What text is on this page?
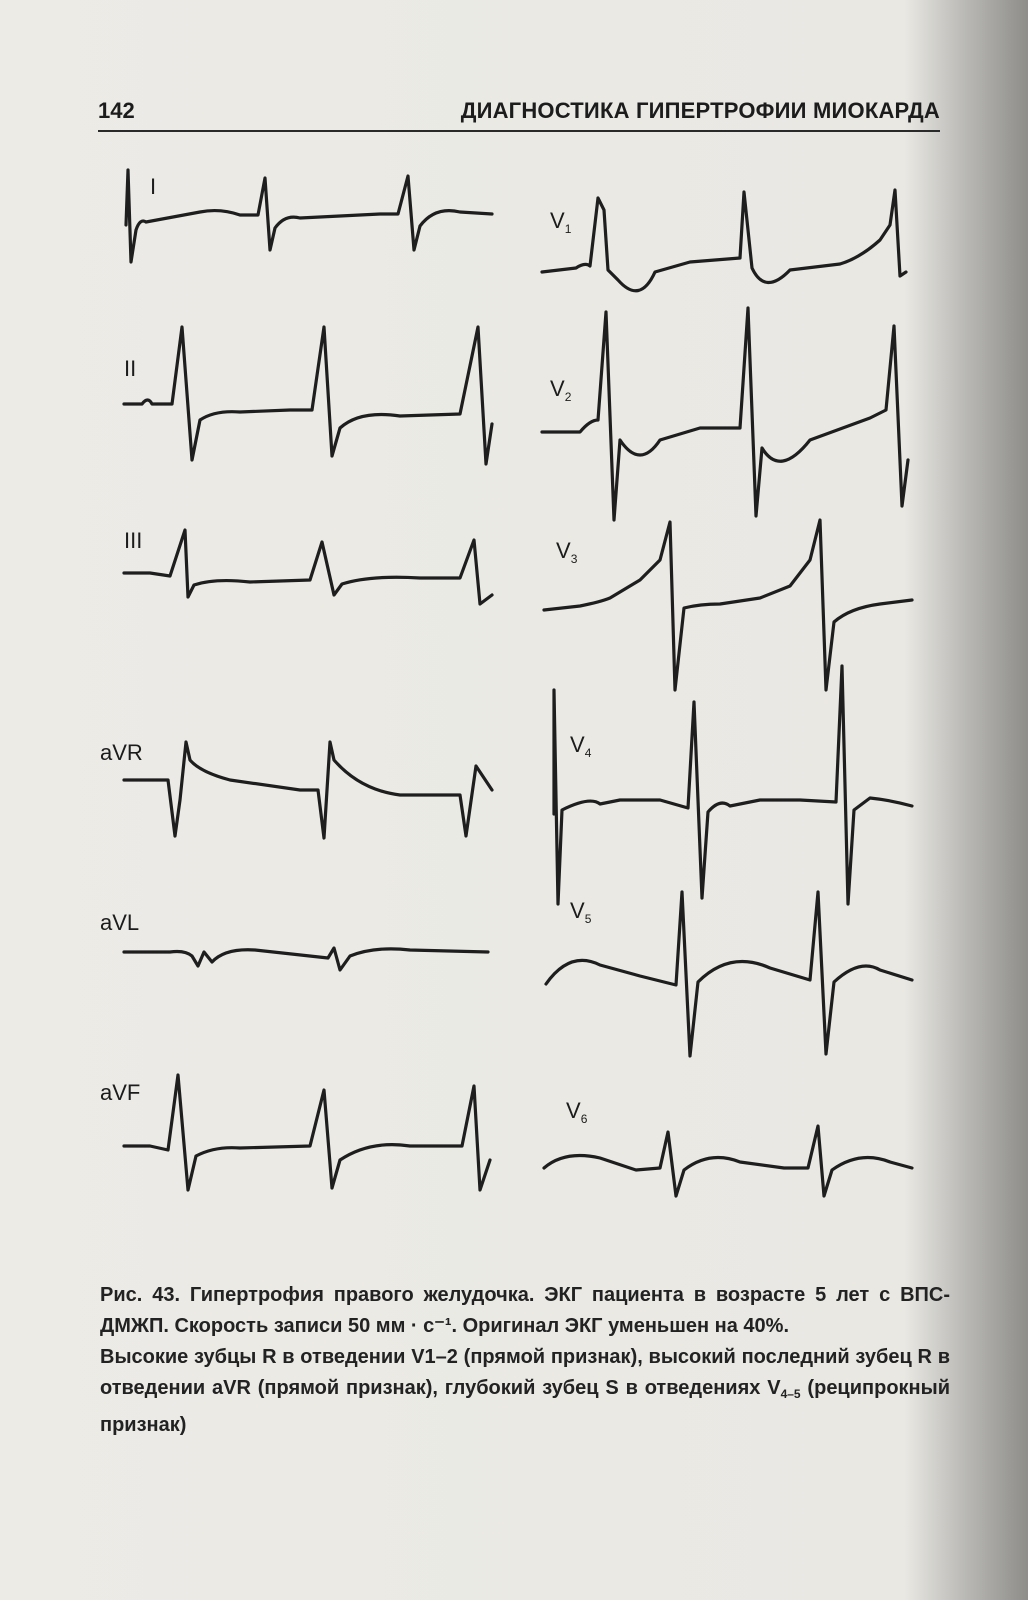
142	ДИАГНОСТИКА ГИПЕРТРОФИИ МИОКАРДА
I
II
III
aVR
aVL
aVF
$V_1$
$V_2$
$V_3$
$V_4$
$V_5$
$V_6$

Рис. 43. Гипертрофия правого желудочка. ЭКГ пациента в возрасте 5 лет с ВПС-ДМЖП. Скорость записи 50 мм · с⁻¹. Оригинал ЭКГ уменьшен на 40%.

Высокие зубцы R в отведении V1–2 (прямой признак), высокий последний зубец R в отведении aVR (прямой признак), глубокий зубец S в отведениях $V_{4-5}$ (реципрокный признак)
